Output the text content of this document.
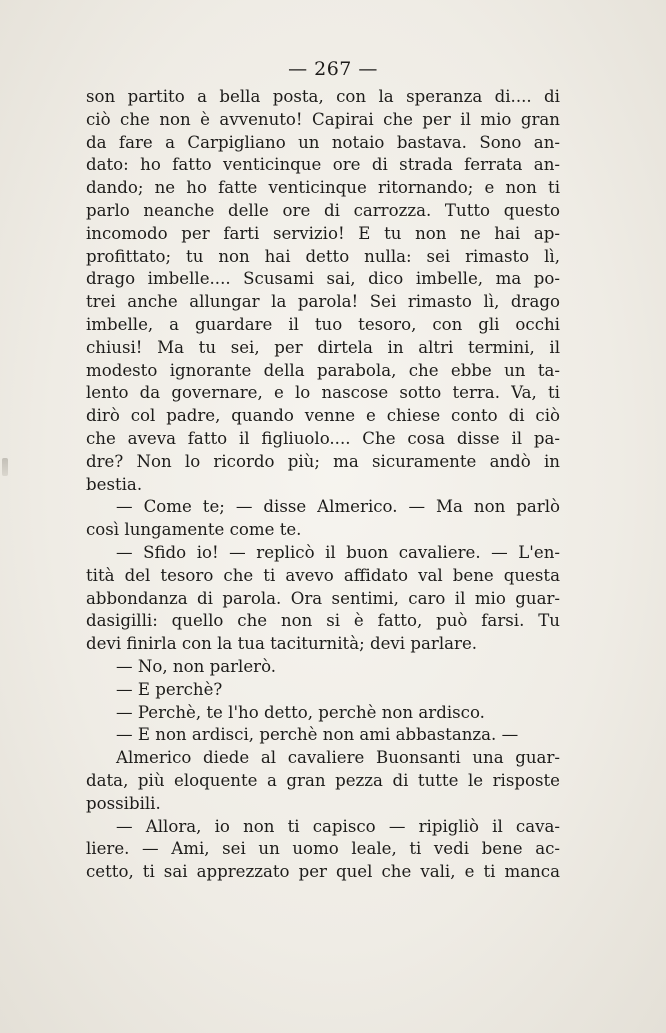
— 267 —
son partito a bella posta, con la speranza di.... di
ciò che non è avvenuto! Capirai che per il mio gran
da fare a Carpigliano un notaio bastava. Sono an-
dato: ho fatto venticinque ore di strada ferrata an-
dando; ne ho fatte venticinque ritornando; e non ti
parlo neanche delle ore di carrozza. Tutto questo
incomodo per farti servizio! E tu non ne hai ap-
profittato; tu non hai detto nulla: sei rimasto lì,
drago imbelle.... Scusami sai, dico imbelle, ma po-
trei anche allungar la parola! Sei rimasto lì, drago
imbelle, a guardare il tuo tesoro, con gli occhi
chiusi! Ma tu sei, per dirtela in altri termini, il
modesto ignorante della parabola, che ebbe un ta-
lento da governare, e lo nascose sotto terra. Va, ti
dirò col padre, quando venne e chiese conto di ciò
che aveva fatto il figliuolo.... Che cosa disse il pa-
dre? Non lo ricordo più; ma sicuramente andò in
bestia.
— Come te; — disse Almerico. — Ma non parlò
così lungamente come te.
— Sfido io! — replicò il buon cavaliere. — L'en-
tità del tesoro che ti avevo affidato val bene questa
abbondanza di parola. Ora sentimi, caro il mio guar-
dasigilli: quello che non si è fatto, può farsi. Tu
devi finirla con la tua taciturnità; devi parlare.
— No, non parlerò.
— E perchè?
— Perchè, te l'ho detto, perchè non ardisco.
— E non ardisci, perchè non ami abbastanza. —
Almerico diede al cavaliere Buonsanti una guar-
data, più eloquente a gran pezza di tutte le risposte
possibili.
— Allora, io non ti capisco — ripigliò il cava-
liere. — Ami, sei un uomo leale, ti vedi bene ac-
cetto, ti sai apprezzato per quel che vali, e ti manca
